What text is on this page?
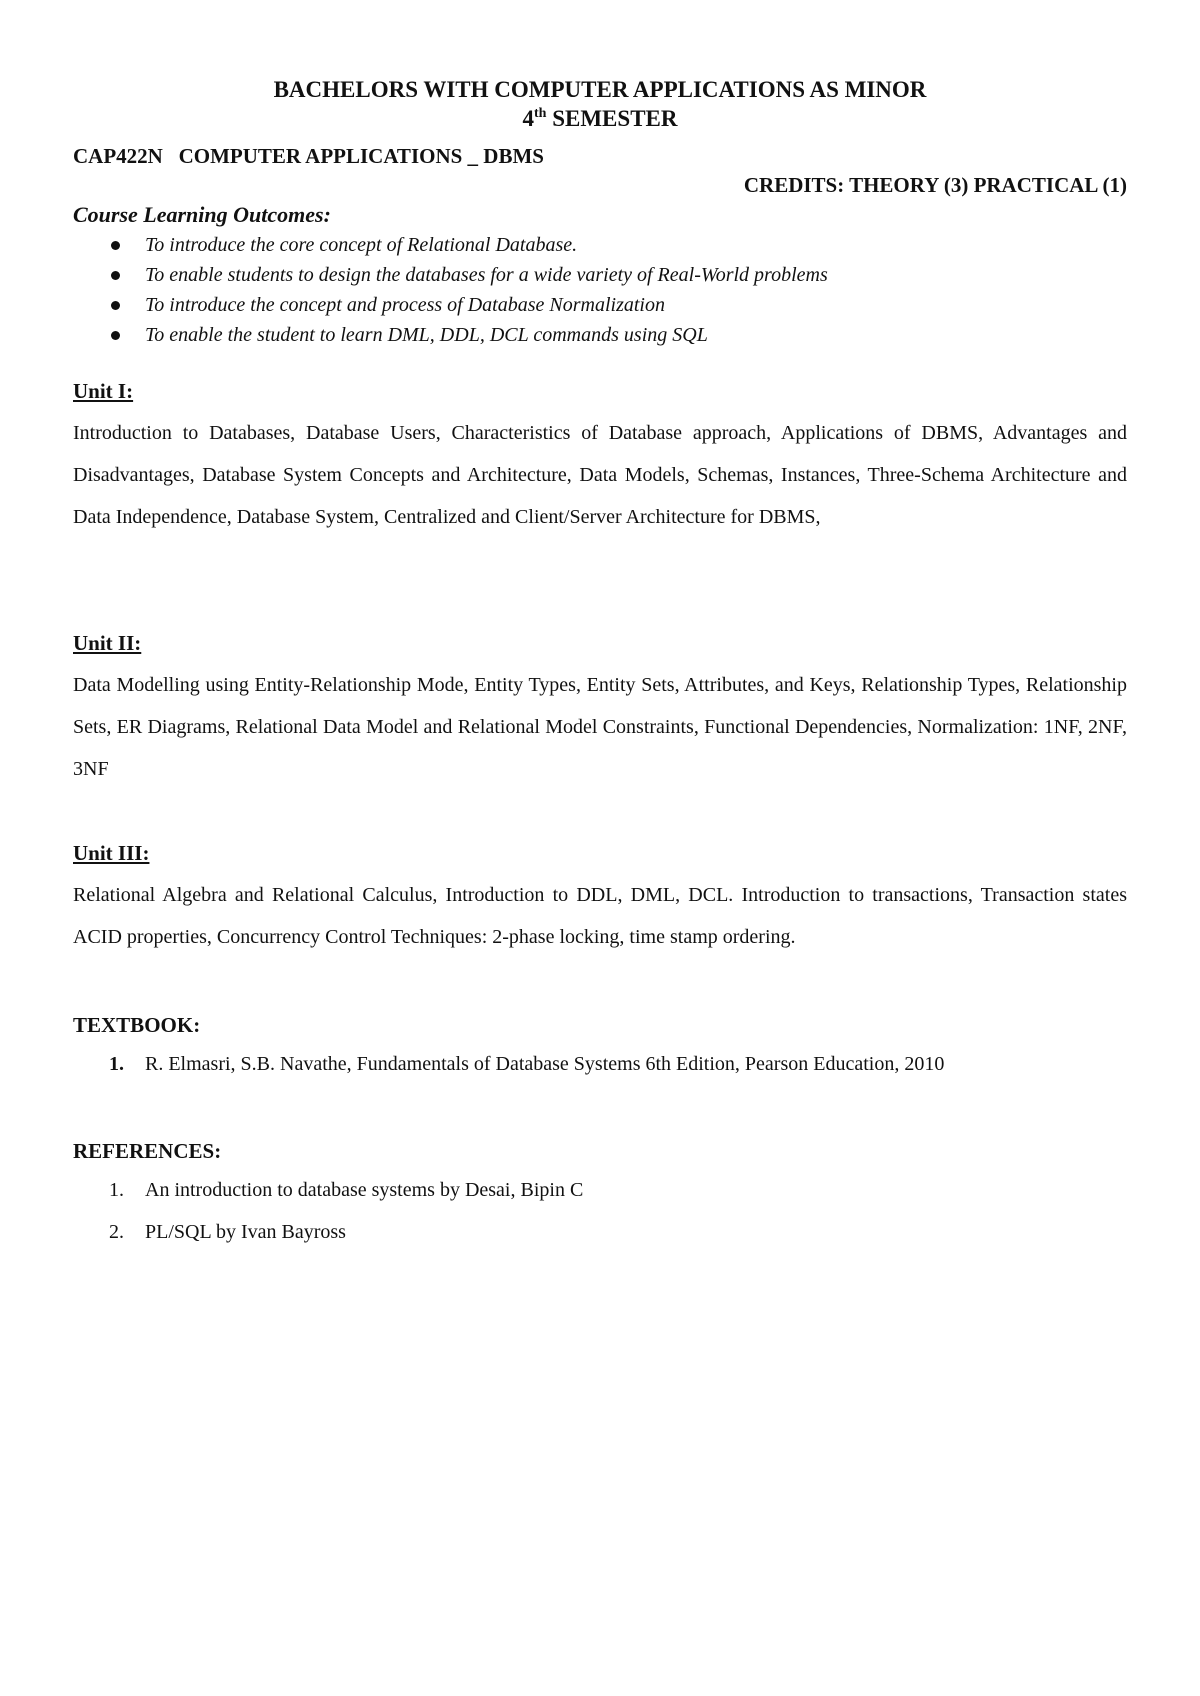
BACHELORS WITH COMPUTER APPLICATIONS AS MINOR
4th SEMESTER
CAP422N   COMPUTER APPLICATIONS _ DBMS
CREDITS: THEORY (3) PRACTICAL (1)
Course Learning Outcomes:
To introduce the core concept of Relational Database.
To enable students to design the databases for a wide variety of Real-World problems
To introduce the concept and process of Database Normalization
To enable the student to learn DML, DDL, DCL commands using SQL
Unit I:

Introduction to Databases, Database Users, Characteristics of Database approach, Applications of DBMS, Advantages and Disadvantages, Database System Concepts and Architecture, Data Models, Schemas, Instances, Three-Schema Architecture and Data Independence, Database System, Centralized and Client/Server Architecture for DBMS,

Unit II:

Data Modelling using Entity-Relationship Mode, Entity Types, Entity Sets, Attributes, and Keys, Relationship Types, Relationship Sets, ER Diagrams, Relational Data Model and Relational Model Constraints, Functional Dependencies, Normalization: 1NF, 2NF, 3NF

Unit III:

Relational Algebra and Relational Calculus, Introduction to DDL, DML, DCL. Introduction to transactions, Transaction states ACID properties, Concurrency Control Techniques: 2-phase locking, time stamp ordering.

TEXTBOOK:
1. R. Elmasri, S.B. Navathe, Fundamentals of Database Systems 6th Edition, Pearson Education, 2010
REFERENCES:
1. An introduction to database systems by Desai, Bipin C
2. PL/SQL by Ivan Bayross
